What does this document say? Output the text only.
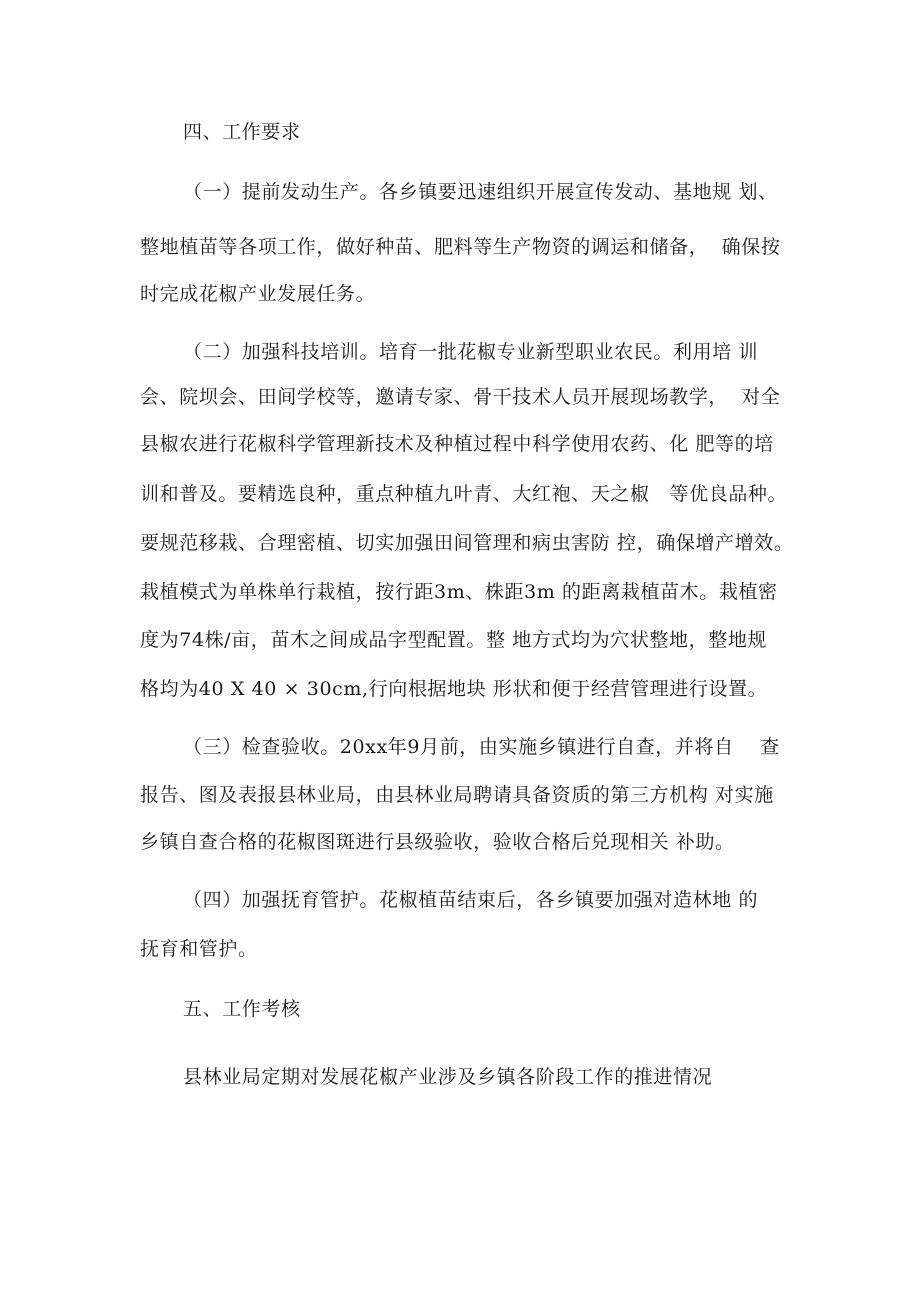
四、工作要求
（一）提前发动生产。各乡镇要迅速组织开展宣传发动、基地规 划、
整地植苗等各项工作，做好种苗、肥料等生产物资的调运和储备，  确保按
时完成花椒产业发展任务。
（二）加强科技培训。培育一批花椒专业新型职业农民。利用培 训
会、院坝会、田间学校等，邀请专家、骨干技术人员开展现场教学，  对全
县椒农进行花椒科学管理新技术及种植过程中科学使用农药、化 肥等的培
训和普及。要精选良种，重点种植九叶青、大红袍、天之椒   等优良品种。
要规范移栽、合理密植、切实加强田间管理和病虫害防 控，确保增产增效。
栽植模式为单株单行栽植，按行距3m、株距3m 的距离栽植苗木。栽植密
度为74株/亩，苗木之间成品字型配置。整 地方式均为穴状整地，整地规
格均为40 X 40 × 30cm,行向根据地块 形状和便于经营管理进行设置。
（三）检查验收。20xx年9月前，由实施乡镇进行自查，并将自    查
报告、图及表报县林业局，由县林业局聘请具备资质的第三方机构 对实施
乡镇自查合格的花椒图斑进行县级验收，验收合格后兑现相关 补助。
（四）加强抚育管护。花椒植苗结束后，各乡镇要加强对造林地 的
抚育和管护。
五、工作考核
县林业局定期对发展花椒产业涉及乡镇各阶段工作的推进情况
